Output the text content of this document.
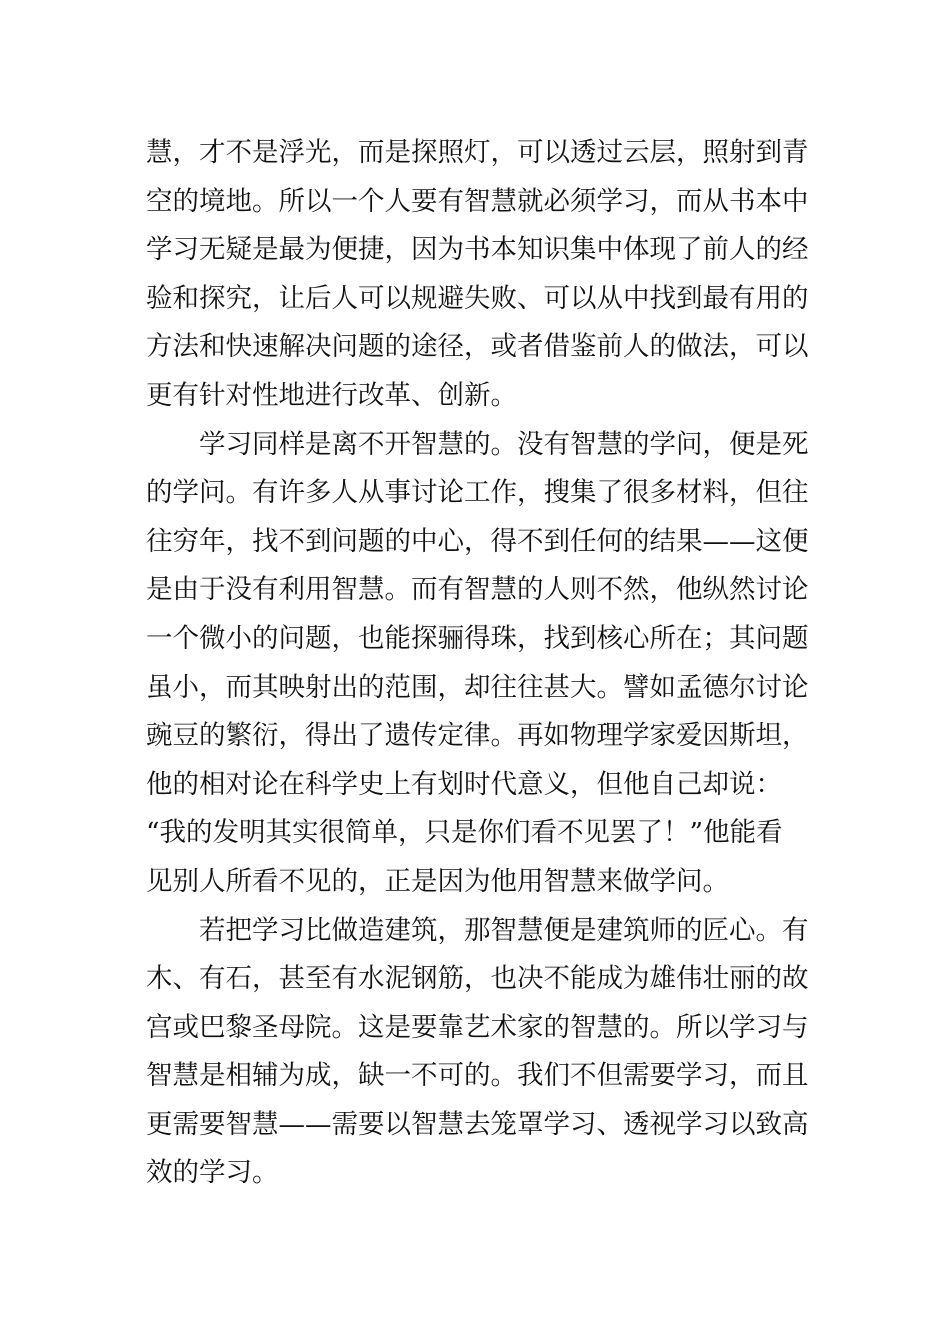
慧，才不是浮光，而是探照灯，可以透过云层，照射到青
空的境地。所以一个人要有智慧就必须学习，而从书本中
学习无疑是最为便捷，因为书本知识集中体现了前人的经
验和探究，让后人可以规避失败、可以从中找到最有用的
方法和快速解决问题的途径，或者借鉴前人的做法，可以
更有针对性地进行改革、创新。
　　学习同样是离不开智慧的。没有智慧的学问，便是死
的学问。有许多人从事讨论工作，搜集了很多材料，但往
往穷年，找不到问题的中心，得不到任何的结果——这便
是由于没有利用智慧。而有智慧的人则不然，他纵然讨论
一个微小的问题，也能探骊得珠，找到核心所在；其问题
虽小，而其映射出的范围，却往往甚大。譬如孟德尔讨论
豌豆的繁衍，得出了遗传定律。再如物理学家爱因斯坦，
他的相对论在科学史上有划时代意义，但他自己却说：
“我的发明其实很简单，只是你们看不见罢了！”他能看
见别人所看不见的，正是因为他用智慧来做学问。
　　若把学习比做造建筑，那智慧便是建筑师的匠心。有
木、有石，甚至有水泥钢筋，也决不能成为雄伟壮丽的故
宫或巴黎圣母院。这是要靠艺术家的智慧的。所以学习与
智慧是相辅为成，缺一不可的。我们不但需要学习，而且
更需要智慧——需要以智慧去笼罩学习、透视学习以致高
效的学习。
